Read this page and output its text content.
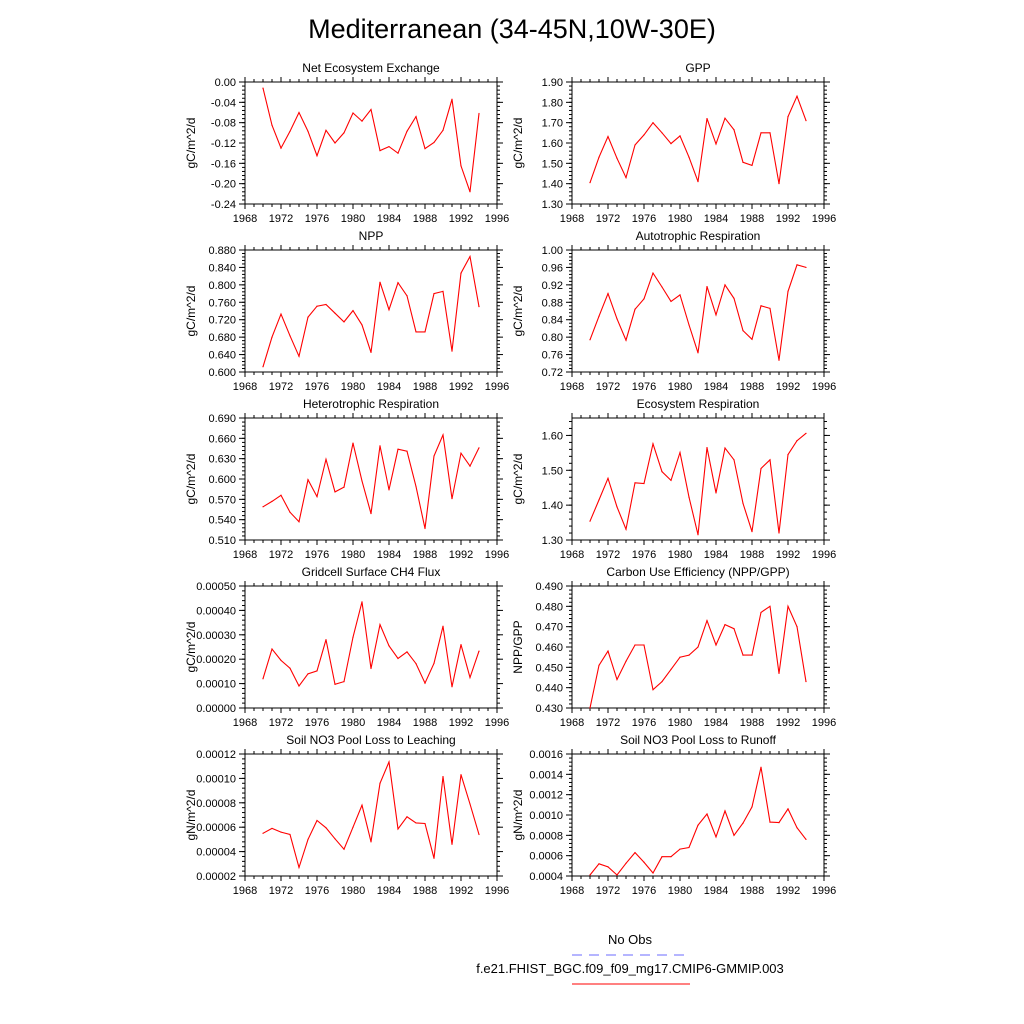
Mediterranean (34-45N,10W-30E)
1968 1972 1976 1980 1984 1988 1992 1996
0.00
-0.04
-0.08
-0.12
-0.16
-0.20
-0.24
Net Ecosystem Exchange
gC/m^2/d
1968 1972 1976 1980 1984 1988 1992 1996
1.90
1.80
1.70
1.60
1.50
1.40
1.30
GPP
gC/m^2/d
1968 1972 1976 1980 1984 1988 1992 1996
0.880
0.840
0.800
0.760
0.720
0.680
0.640
0.600
NPP
gC/m^2/d
1968 1972 1976 1980 1984 1988 1992 1996
1.00
0.96
0.92
0.88
0.84
0.80
0.76
0.72
Autotrophic Respiration
gC/m^2/d
1968 1972 1976 1980 1984 1988 1992 1996
0.690
0.660
0.630
0.600
0.570
0.540
0.510
Heterotrophic Respiration
gC/m^2/d
1968 1972 1976 1980 1984 1988 1992 1996
1.60
1.50
1.40
1.30
Ecosystem Respiration
gC/m^2/d
1968 1972 1976 1980 1984 1988 1992 1996
0.00050
0.00040
0.00030
0.00020
0.00010
0.00000
Gridcell Surface CH4 Flux
gC/m^2/d
1968 1972 1976 1980 1984 1988 1992 1996
0.490
0.480
0.470
0.460
0.450
0.440
0.430
Carbon Use Efficiency (NPP/GPP)
NPP/GPP
1968 1972 1976 1980 1984 1988 1992 1996
0.00012
0.00010
0.00008
0.00006
0.00004
0.00002
Soil NO3 Pool Loss to Leaching
gN/m^2/d
1968 1972 1976 1980 1984 1988 1992 1996
0.0016
0.0014
0.0012
0.0010
0.0008
0.0006
0.0004
Soil NO3 Pool Loss to Runoff
gN/m^2/d
No Obs
f.e21.FHIST_BGC.f09_f09_mg17.CMIP6-GMMIP.003
